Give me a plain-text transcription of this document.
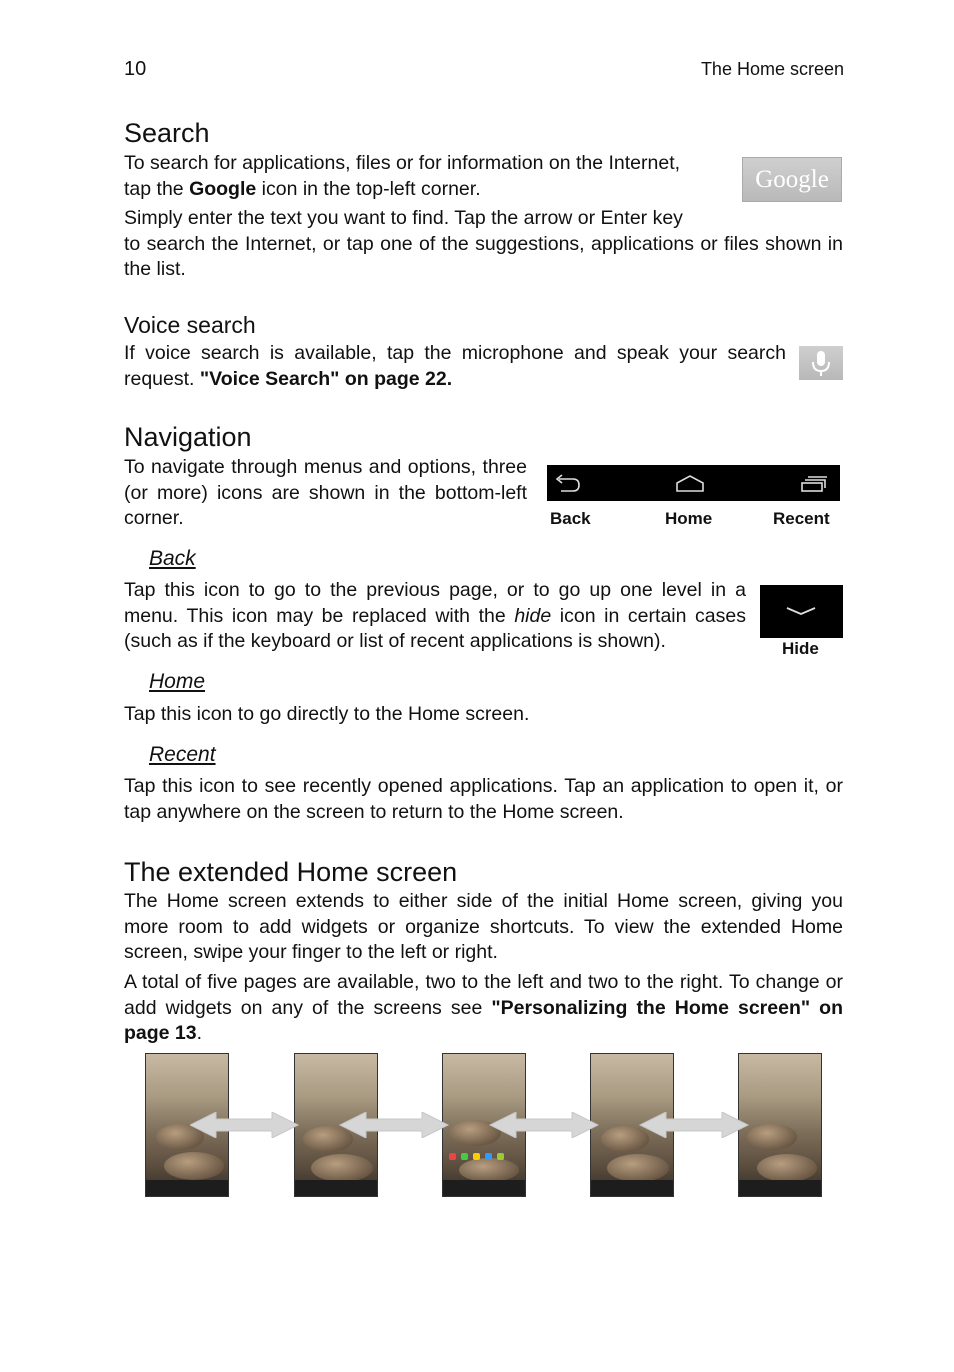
10	The Home screen
Search
To search for applications, files or for information on the Internet,
tap the Google icon in the top-left corner.
Simply enter the text you want to find. Tap the arrow or Enter key
to search the Internet, or tap one of the suggestions, applications or files shown in the list.
Google
Voice search
If voice search is available, tap the microphone and speak your search request. "Voice Search" on page 22.
Navigation
To navigate through menus and options, three (or more) icons are shown in the bottom-left corner.	Back	Home	Recent
Back
Tap this icon to go to the previous page, or to go up one level in a menu. This icon may be replaced with the hide icon in certain cases (such as if the keyboard or list of recent applications is shown).	Hide
Home
Tap this icon to go directly to the Home screen.
Recent
Tap this icon to see recently opened applications. Tap an application to open it, or tap anywhere on the screen to return to the Home screen.
The extended Home screen
The Home screen extends to either side of the initial Home screen, giving you more room to add widgets or organize shortcuts. To view the extended Home screen, swipe your finger to the left or right.
A total of five pages are available, two to the left and two to the right. To change or add widgets on any of the screens see "Personalizing the Home screen" on page 13.
